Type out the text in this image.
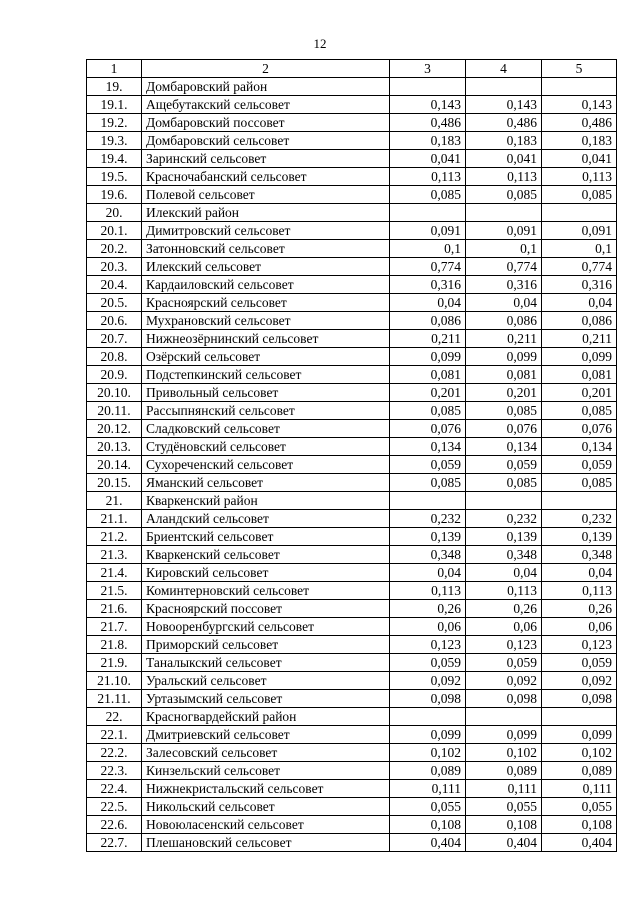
12
1	2	3	4	5
19.	Домбаровский район			
19.1.	Ащебутакский сельсовет	0,143	0,143	0,143
19.2.	Домбаровский поссовет	0,486	0,486	0,486
19.3.	Домбаровский сельсовет	0,183	0,183	0,183
19.4.	Заринский сельсовет	0,041	0,041	0,041
19.5.	Красночабанский сельсовет	0,113	0,113	0,113
19.6.	Полевой сельсовет	0,085	0,085	0,085
20.	Илекский район			
20.1.	Димитровский сельсовет	0,091	0,091	0,091
20.2.	Затонновский сельсовет	0,1	0,1	0,1
20.3.	Илекский сельсовет	0,774	0,774	0,774
20.4.	Кардаиловский сельсовет	0,316	0,316	0,316
20.5.	Красноярский сельсовет	0,04	0,04	0,04
20.6.	Мухрановский сельсовет	0,086	0,086	0,086
20.7.	Нижнеозёрнинский сельсовет	0,211	0,211	0,211
20.8.	Озёрский сельсовет	0,099	0,099	0,099
20.9.	Подстепкинский сельсовет	0,081	0,081	0,081
20.10.	Привольный сельсовет	0,201	0,201	0,201
20.11.	Рассыпнянский сельсовет	0,085	0,085	0,085
20.12.	Сладковский сельсовет	0,076	0,076	0,076
20.13.	Студёновский сельсовет	0,134	0,134	0,134
20.14.	Сухореченский сельсовет	0,059	0,059	0,059
20.15.	Яманский сельсовет	0,085	0,085	0,085
21.	Кваркенский район			
21.1.	Аландский сельсовет	0,232	0,232	0,232
21.2.	Бриентский сельсовет	0,139	0,139	0,139
21.3.	Кваркенский сельсовет	0,348	0,348	0,348
21.4.	Кировский сельсовет	0,04	0,04	0,04
21.5.	Коминтерновский сельсовет	0,113	0,113	0,113
21.6.	Красноярский поссовет	0,26	0,26	0,26
21.7.	Новооренбургский сельсовет	0,06	0,06	0,06
21.8.	Приморский сельсовет	0,123	0,123	0,123
21.9.	Таналыкский сельсовет	0,059	0,059	0,059
21.10.	Уральский сельсовет	0,092	0,092	0,092
21.11.	Уртазымский сельсовет	0,098	0,098	0,098
22.	Красногвардейский район			
22.1.	Дмитриевский сельсовет	0,099	0,099	0,099
22.2.	Залесовский сельсовет	0,102	0,102	0,102
22.3.	Кинзельский сельсовет	0,089	0,089	0,089
22.4.	Нижнекристальский сельсовет	0,111	0,111	0,111
22.5.	Никольский сельсовет	0,055	0,055	0,055
22.6.	Новоюласенский сельсовет	0,108	0,108	0,108
22.7.	Плешановский сельсовет	0,404	0,404	0,404
